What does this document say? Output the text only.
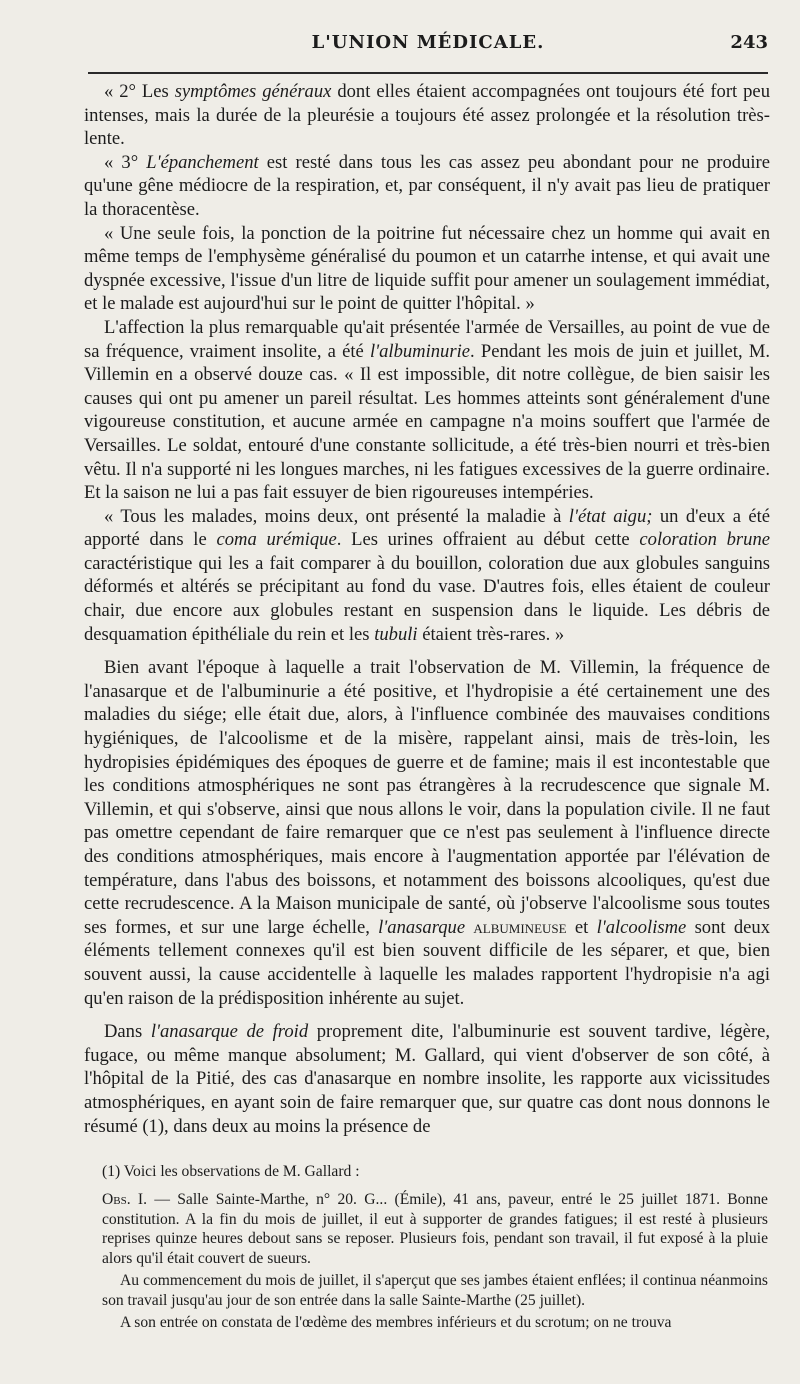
L'UNION MÉDICALE.	243

« 2° Les symptômes généraux dont elles étaient accompagnées ont toujours été fort peu intenses, mais la durée de la pleurésie a toujours été assez prolongée et la résolution très-lente.

« 3° L'épanchement est resté dans tous les cas assez peu abondant pour ne produire qu'une gêne médiocre de la respiration, et, par conséquent, il n'y avait pas lieu de pratiquer la thoracentèse.

« Une seule fois, la ponction de la poitrine fut nécessaire chez un homme qui avait en même temps de l'emphysème généralisé du poumon et un catarrhe intense, et qui avait une dyspnée excessive, l'issue d'un litre de liquide suffit pour amener un soulagement immédiat, et le malade est aujourd'hui sur le point de quitter l'hôpital. »

L'affection la plus remarquable qu'ait présentée l'armée de Versailles, au point de vue de sa fréquence, vraiment insolite, a été l'albuminurie. Pendant les mois de juin et juillet, M. Villemin en a observé douze cas. « Il est impossible, dit notre collègue, de bien saisir les causes qui ont pu amener un pareil résultat. Les hommes atteints sont généralement d'une vigoureuse constitution, et aucune armée en campagne n'a moins souffert que l'armée de Versailles. Le soldat, entouré d'une constante sollicitude, a été très-bien nourri et très-bien vêtu. Il n'a supporté ni les longues marches, ni les fatigues excessives de la guerre ordinaire. Et la saison ne lui a pas fait essuyer de bien rigoureuses intempéries.

« Tous les malades, moins deux, ont présenté la maladie à l'état aigu; un d'eux a été apporté dans le coma urémique. Les urines offraient au début cette coloration brune caractéristique qui les a fait comparer à du bouillon, coloration due aux globules sanguins déformés et altérés se précipitant au fond du vase. D'autres fois, elles étaient de couleur chair, due encore aux globules restant en suspension dans le liquide. Les débris de desquamation épithéliale du rein et les tubuli étaient très-rares. »

Bien avant l'époque à laquelle a trait l'observation de M. Villemin, la fréquence de l'anasarque et de l'albuminurie a été positive, et l'hydropisie a été certainement une des maladies du siége; elle était due, alors, à l'influence combinée des mauvaises conditions hygiéniques, de l'alcoolisme et de la misère, rappelant ainsi, mais de très-loin, les hydropisies épidémiques des époques de guerre et de famine; mais il est incontestable que les conditions atmosphériques ne sont pas étrangères à la recrudescence que signale M. Villemin, et qui s'observe, ainsi que nous allons le voir, dans la population civile. Il ne faut pas omettre cependant de faire remarquer que ce n'est pas seulement à l'influence directe des conditions atmosphériques, mais encore à l'augmentation apportée par l'élévation de température, dans l'abus des boissons, et notamment des boissons alcooliques, qu'est due cette recrudescence. A la Maison municipale de santé, où j'observe l'alcoolisme sous toutes ses formes, et sur une large échelle, l'anasarque albumineuse et l'alcoolisme sont deux éléments tellement connexes qu'il est bien souvent difficile de les séparer, et que, bien souvent aussi, la cause accidentelle à laquelle les malades rapportent l'hydropisie n'a agi qu'en raison de la prédisposition inhérente au sujet.

Dans l'anasarque de froid proprement dite, l'albuminurie est souvent tardive, légère, fugace, ou même manque absolument; M. Gallard, qui vient d'observer de son côté, à l'hôpital de la Pitié, des cas d'anasarque en nombre insolite, les rapporte aux vicissitudes atmosphériques, en ayant soin de faire remarquer que, sur quatre cas dont nous donnons le résumé (1), dans deux au moins la présence de

(1) Voici les observations de M. Gallard :

Obs. I. — Salle Sainte-Marthe, n° 20. G... (Émile), 41 ans, paveur, entré le 25 juillet 1871. Bonne constitution. A la fin du mois de juillet, il eut à supporter de grandes fatigues; il est resté à plusieurs reprises quinze heures debout sans se reposer. Plusieurs fois, pendant son travail, il fut exposé à la pluie alors qu'il était couvert de sueurs.

Au commencement du mois de juillet, il s'aperçut que ses jambes étaient enflées; il continua néanmoins son travail jusqu'au jour de son entrée dans la salle Sainte-Marthe (25 juillet).

A son entrée on constata de l'œdème des membres inférieurs et du scrotum; on ne trouva
